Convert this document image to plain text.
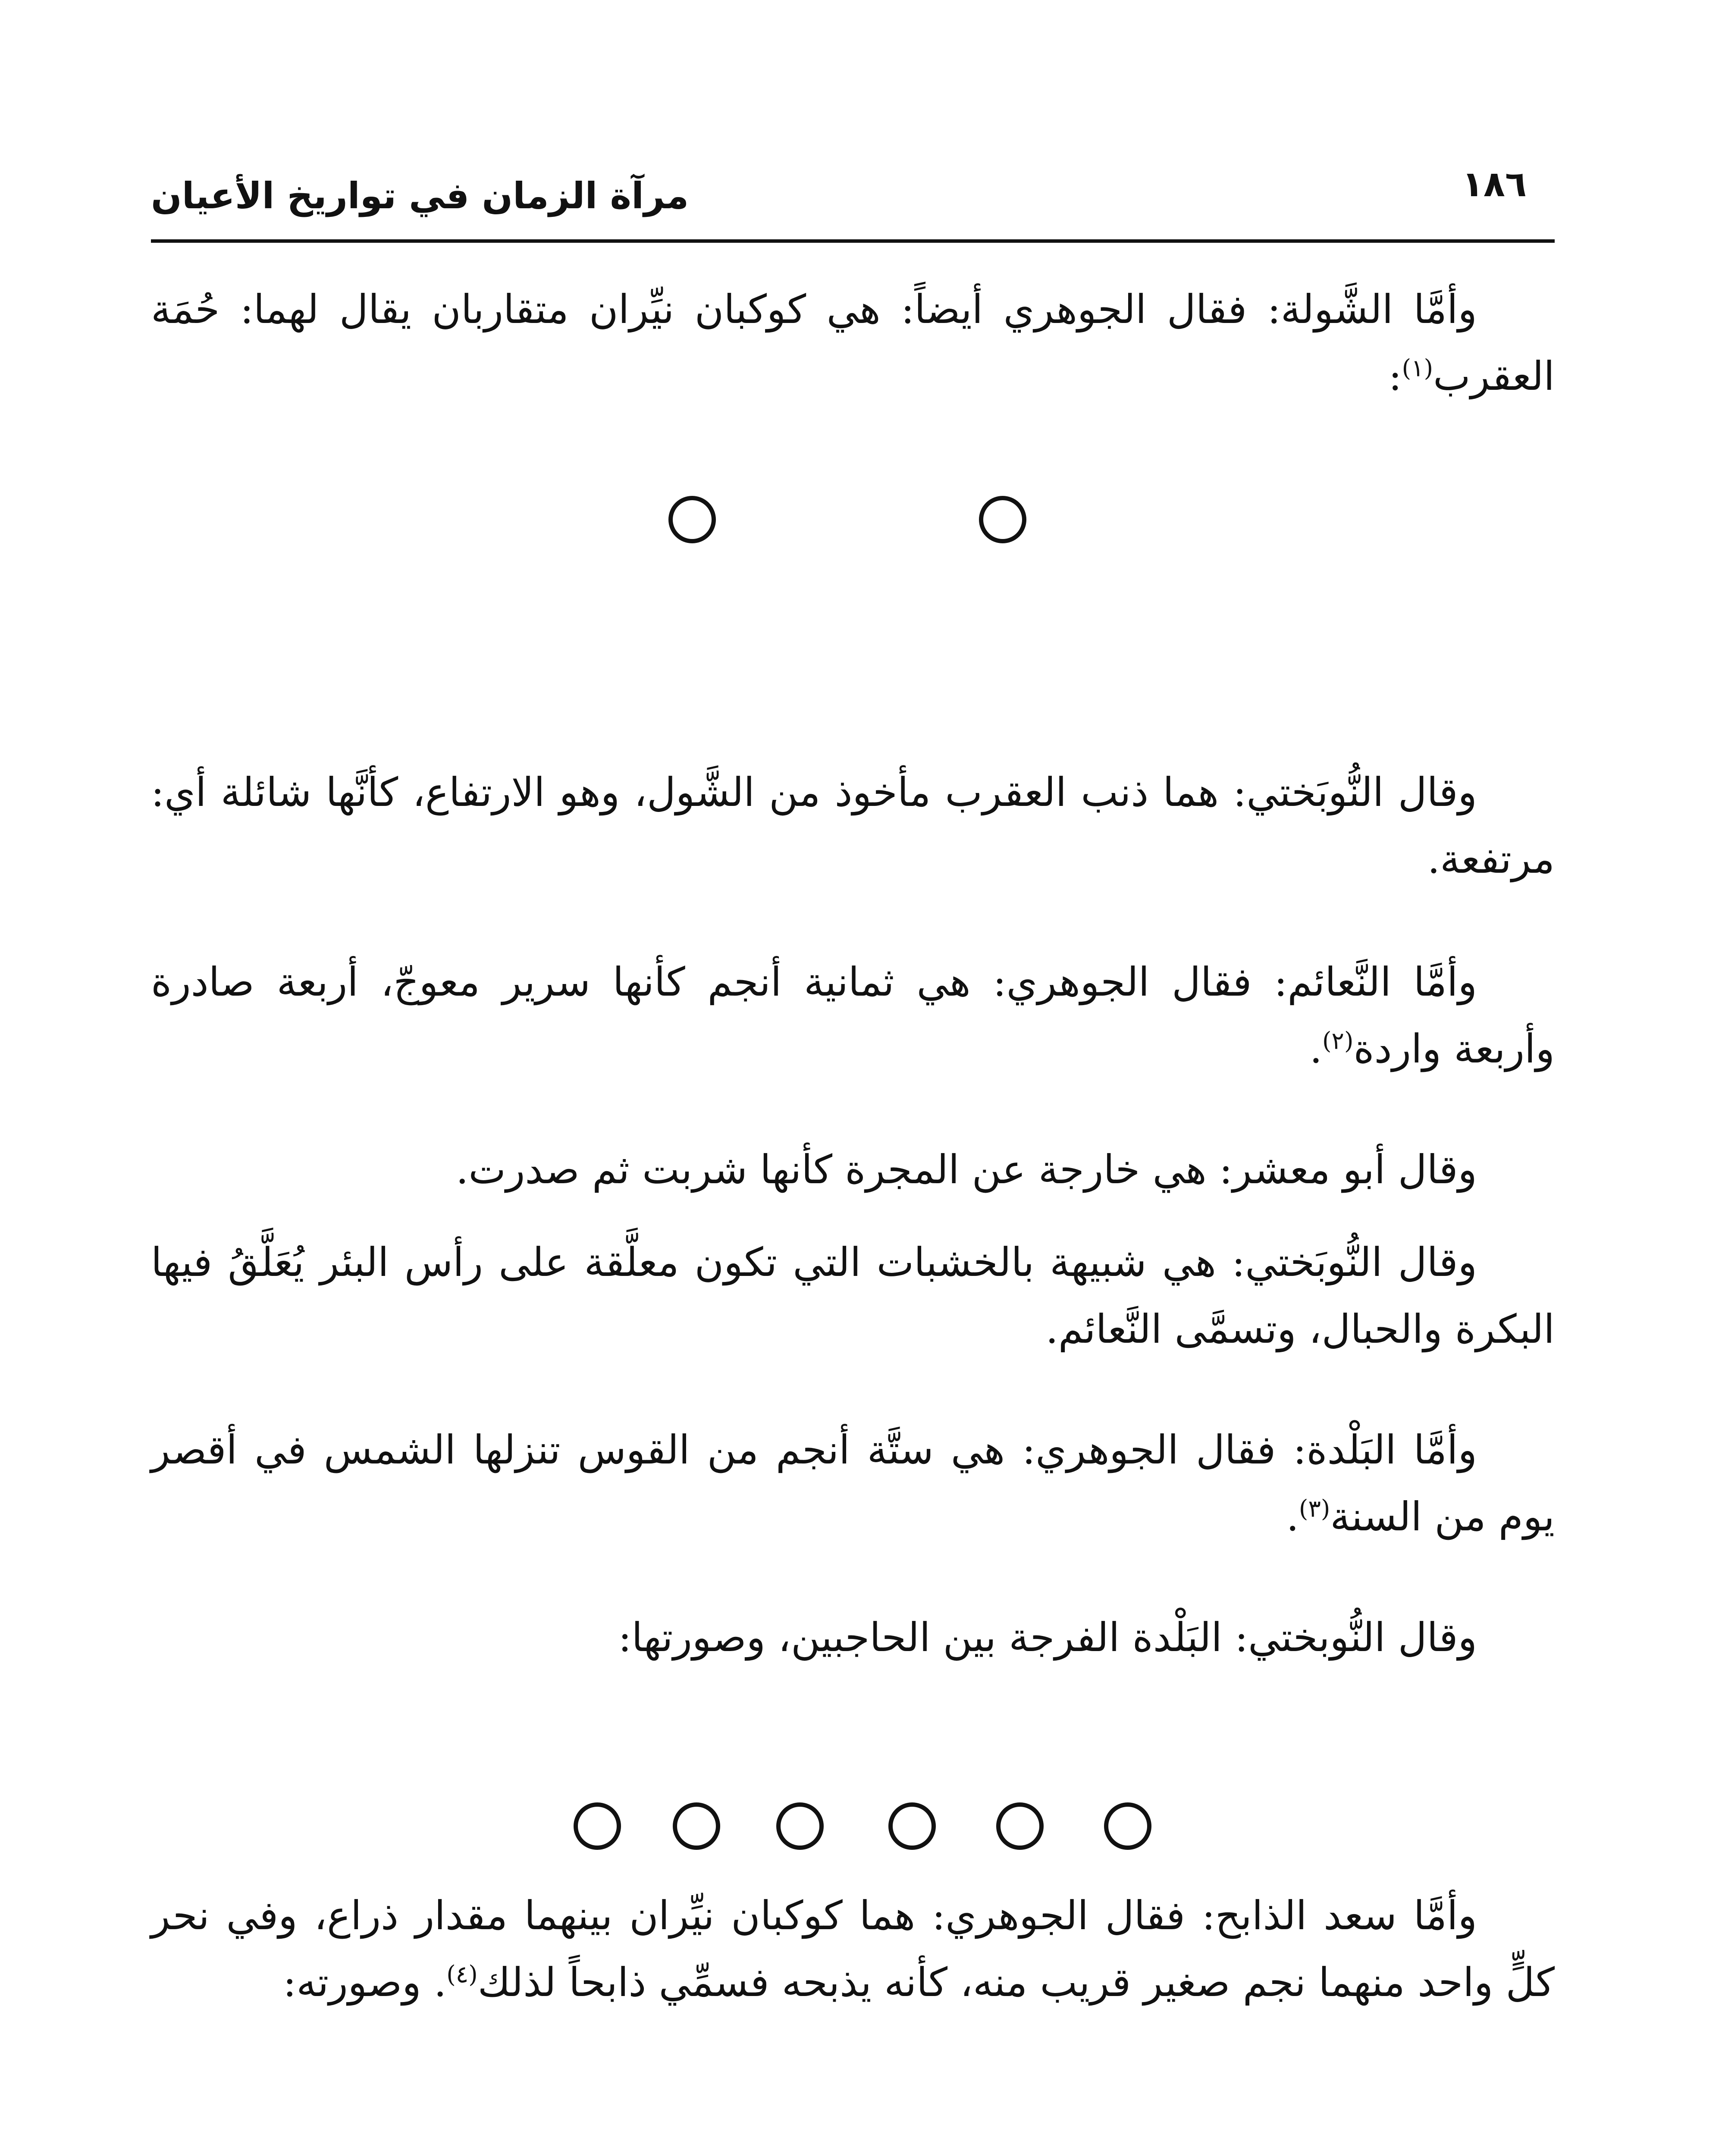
١٨٦
مرآة الزمان في تواريخ الأعيان
وأمَّا الشَّولة: فقال الجوهري أيضاً: هي كوكبان نيِّران متقاربان يقال لهما: حُمَة العقرب$^{(١)}$:
وقال النُّوبَختي: هما ذنب العقرب مأخوذ من الشَّول، وهو الارتفاع، كأنَّها شائلة أي: مرتفعة.
وأمَّا النَّعائم: فقال الجوهري: هي ثمانية أنجم كأنها سرير معوجّ، أربعة صادرة وأربعة واردة$^{(٢)}$.
وقال أبو معشر: هي خارجة عن المجرة كأنها شربت ثم صدرت.
وقال النُّوبَختي: هي شبيهة بالخشبات التي تكون معلَّقة على رأس البئر يُعَلَّقُ فيها البكرة والحبال، وتسمَّى النَّعائم.
وأمَّا البَلْدة: فقال الجوهري: هي ستَّة أنجم من القوس تنزلها الشمس في أقصر يوم من السنة$^{(٣)}$.
وقال النُّوبختي: البَلْدة الفرجة بين الحاجبين، وصورتها:
وأمَّا سعد الذابح: فقال الجوهري: هما كوكبان نيِّران بينهما مقدار ذراع، وفي نحر كلٍّ واحد منهما نجم صغير قريب منه، كأنه يذبحه فسمِّي ذابحاً لذلك$^{(٤)}$. وصورته:
